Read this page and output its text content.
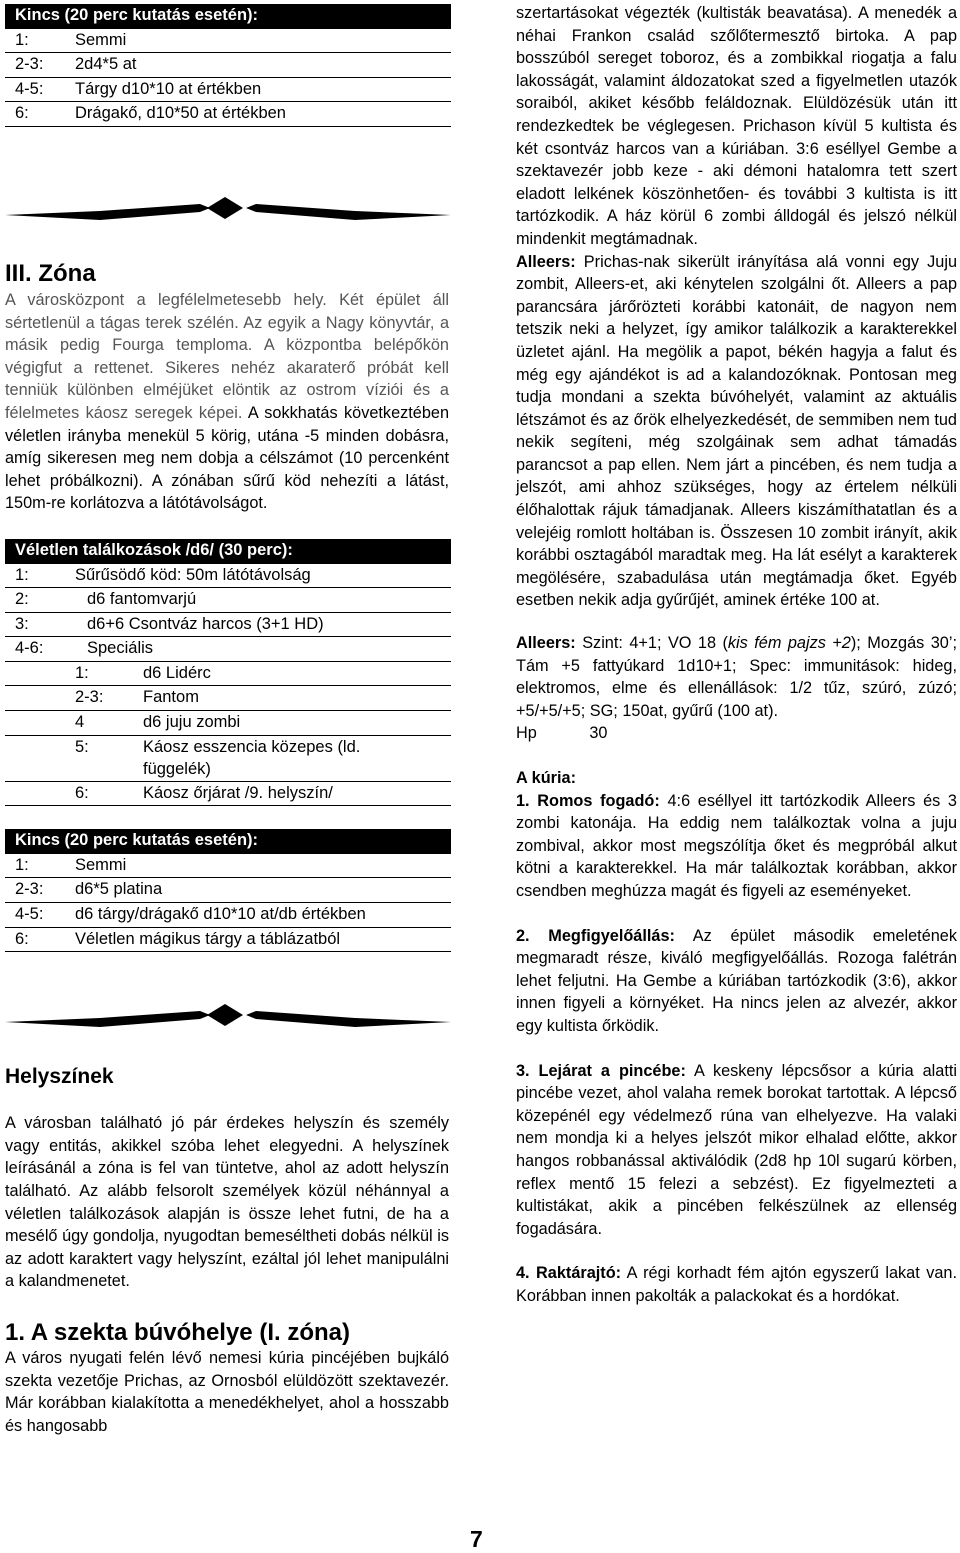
Kincs (20 perc kutatás esetén):	
1:	Semmi
2-3:	2d4*5 at
4-5:	Tárgy d10*10 at értékben
6:	Drágakő, d10*50 at értékben
III. Zóna

A városközpont a legfélelmetesebb hely. Két épület áll sértetlenül a tágas terek szélén. Az egyik a Nagy könyvtár, a másik pedig Fourga temploma. A központba belépőkön végigfut a rettenet. Sikeres nehéz akaraterő próbát kell tenniük különben elméjüket elöntik az ostrom víziói és a félelmetes káosz seregek képei. A sokkhatás következtében véletlen irányba menekül 5 körig, utána -5 minden dobásra, amíg sikeresen meg nem dobja a célszámot (10 percenként lehet próbálkozni). A zónában sűrű köd nehezíti a látást, 150m-re korlátozva a látótávolságot.

Véletlen találkozások /d6/ (30 perc):		
1:	Sűrűsödő köd: 50m látótávolság	
2:	d6 fantomvarjú	
3:	d6+6 Csontváz harcos (3+1 HD)	
4-6:	Speciális	
	1:	d6 Lidérc
	2-3:	Fantom
	4	d6 juju zombi
	5:	Káosz esszencia közepes (ld. függelék)
	6:	Káosz őrjárat /9. helyszín/
Kincs (20 perc kutatás esetén):	
1:	Semmi
2-3:	d6*5 platina
4-5:	d6 tárgy/drágakő d10*10 at/db értékben
6:	Véletlen mágikus tárgy a táblázatból
Helyszínek

A városban található jó pár érdekes helyszín és személy vagy entitás, akikkel szóba lehet elegyedni. A helyszínek leírásánál a zóna is fel van tüntetve, ahol az adott helyszín található. Az alább felsorolt személyek közül néhánnyal a véletlen találkozások alapján is össze lehet futni, de ha a mesélő úgy gondolja, nyugodtan bemeséltheti dobás nélkül is az adott karaktert vagy helyszínt, ezáltal jól lehet manipulálni a kalandmenetet.

1. A szekta búvóhelye (I. zóna)

A város nyugati felén lévő nemesi kúria pincéjében bujkáló szekta vezetője Prichas, az Ornosból elüldözött szektavezér. Már korábban kialakította a menedékhelyet, ahol a hosszabb és hangosabb

szertartásokat végezték (kultisták beavatása). A menedék a néhai Frankon család szőlőtermesztő birtoka. A pap bosszúból sereget toboroz, és a zombikkal riogatja a falu lakosságát, valamint áldozatokat szed a figyelmetlen utazók soraiból, akiket később feláldoznak. Elüldözésük után itt rendezkedtek be véglegesen. Prichason kívül 5 kultista és két csontváz harcos van a kúriában. 3:6 eséllyel Gembe a szektavezér jobb keze - aki démoni hatalomra tett szert eladott lelkének köszönhetően- és további 3 kultista is itt tartózkodik. A ház körül 6 zombi álldogál és jelszó nélkül mindenkit megtámadnak.

Alleers: Prichas-nak sikerült irányítása alá vonni egy Juju zombit, Alleers-et, aki kénytelen szolgálni őt. Alleers a pap parancsára járőrözteti korábbi katonáit, de nagyon nem tetszik neki a helyzet, így amikor találkozik a karakterekkel üzletet ajánl. Ha megölik a papot, békén hagyja a falut és még egy ajándékot is ad a kalandozóknak. Pontosan meg tudja mondani a szekta búvóhelyét, valamint az aktuális létszámot és az őrök elhelyezkedését, de semmiben nem tud nekik segíteni, még szolgáinak sem adhat támadás parancsot a pap ellen. Nem járt a pincében, és nem tudja a jelszót, ami ahhoz szükséges, hogy az értelem nélküli élőhalottak rájuk támadjanak. Alleers kiszámíthatatlan és a velejéig romlott holtában is. Összesen 10 zombit irányít, akik korábbi osztagából maradtak meg. Ha lát esélyt a karakterek megölésére, szabadulása után megtámadja őket. Egyéb esetben nekik adja gyűrűjét, aminek értéke 100 at.

Alleers: Szint: 4+1; VO 18 (kis fém pajzs +2); Mozgás 30’; Tám +5 fattyúkard 1d10+1; Spec: immunitások: hideg, elektromos, elme és ellenállások: 1/2 tűz, szúró, zúzó; +5/+5/+5; SG; 150at, gyűrű (100 at).

Hp	30

A kúria:

1. Romos fogadó: 4:6 eséllyel itt tartózkodik Alleers és 3 zombi katonája. Ha eddig nem találkoztak volna a juju zombival, akkor most megszólítja őket és megpróbál alkut kötni a karakterekkel. Ha már találkoztak korábban, akkor csendben meghúzza magát és figyeli az eseményeket.

2. Megfigyelőállás: Az épület második emeletének megmaradt része, kiváló megfigyelőállás. Rozoga falétrán lehet feljutni. Ha Gembe a kúriában tartózkodik (3:6), akkor innen figyeli a környéket. Ha nincs jelen az alvezér, akkor egy kultista őrködik.

3. Lejárat a pincébe: A keskeny lépcsősor a kúria alatti pincébe vezet, ahol valaha remek borokat tartottak. A lépcső közepénél egy védelmező rúna van elhelyezve. Ha valaki nem mondja ki a helyes jelszót mikor elhalad előtte, akkor hangos robbanással aktiválódik (2d8 hp 10l sugarú körben, reflex mentő 15 felezi a sebzést). Ez figyelmezteti a kultistákat, akik a pincében felkészülnek az ellenség fogadására.

4. Raktárajtó: A régi korhadt fém ajtón egyszerű lakat van. Korábban innen pakolták a palackokat és a hordókat.

7
